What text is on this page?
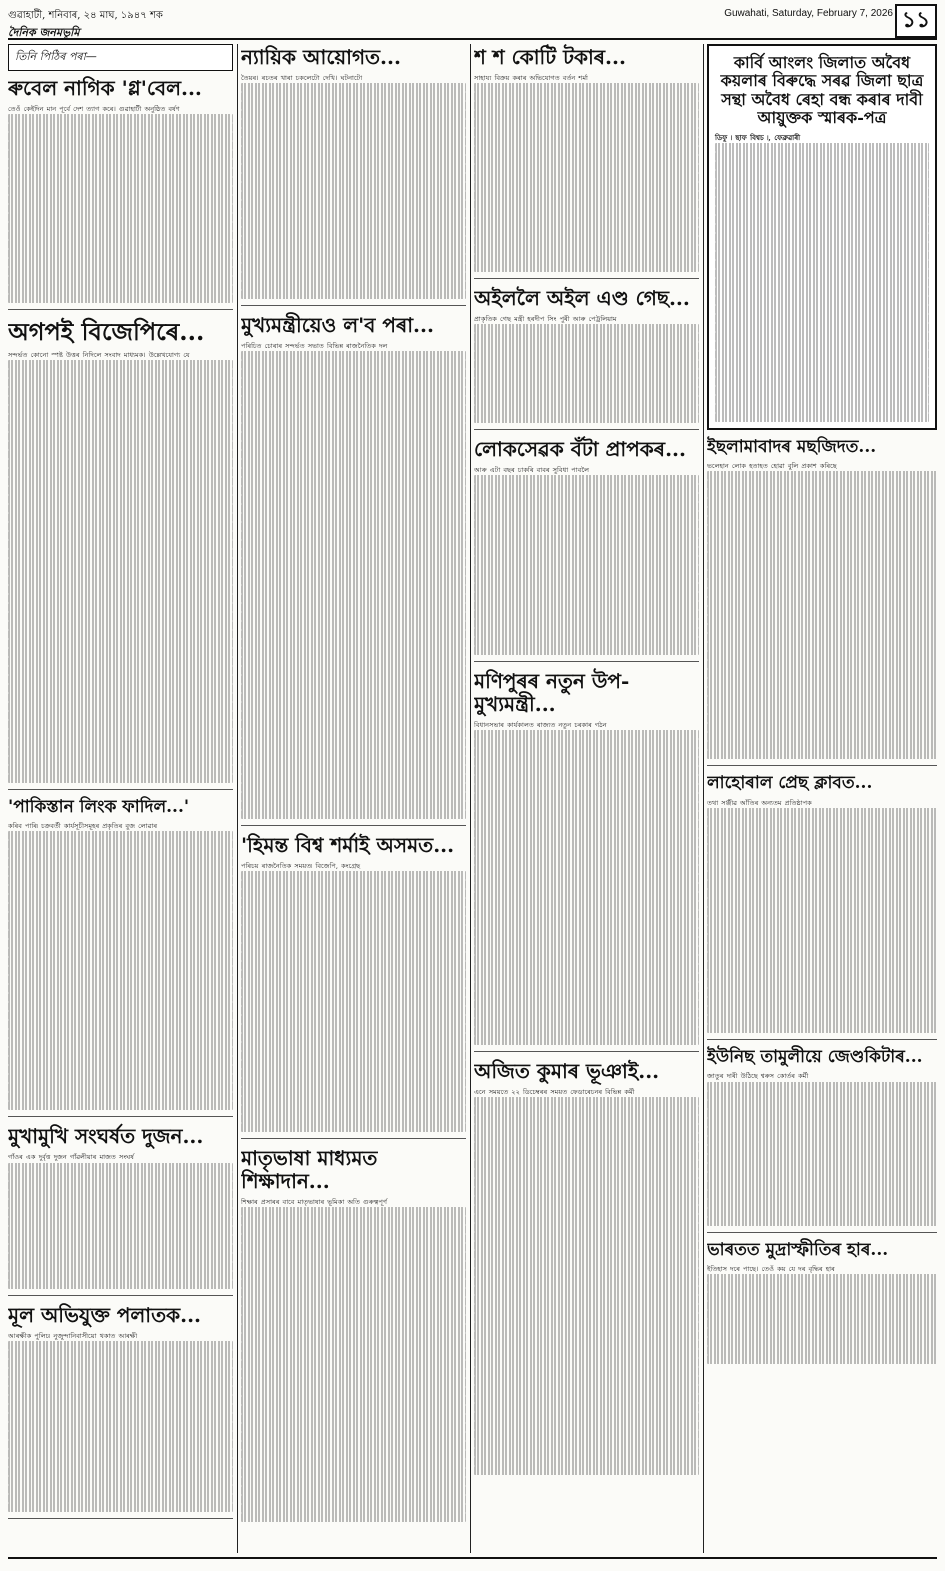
গুৱাহাটী, শনিবাৰ, ২৪ মাঘ, ১৯৪৭ শক	Guwahati, Saturday, February 7, 2026 ১১
দৈনিক জনমভূমি
তিনি পিঠিৰ পৰা—
ৰুবেল নাগিক 'গ্ল'বেল...
তেওঁ কেইদিন মান পূৰ্বে দেশ ত্যাগ কৰে। গুৱাহাটী অনুষ্ঠিত বৰ্ষণ
অগপই বিজেপিৰে...
সন্দৰ্ভত কোনো স্পষ্ট উত্তৰ নিদিলে সংবাদ মাধ্যমক। উল্লেখযোগ্য যে
'পাকিস্তান লিংক ফাদিল...'
কৰিব পাৰি৷ চক্ৰবৰ্তী কাৰ্যসূচীসমূহৰ প্ৰকৃতিৰ বুজ লোৱাৰ
মুখামুখি সংঘৰ্ষত দুজন...
গাঁওৰ এক দুৰ্বৃত্ত দুজন গাঁৱলীয়াৰ মাজত সংঘৰ্ষ
মূল অভিযুক্ত পলাতক...
আৰক্ষীক পুলিচ৷ নুজুন্দানিবাসীয়ো থকাত আৰক্ষী
ন্যায়িক আয়োগত...
তৈয়ৰ। ৰচতৰ খাৰা চকলেটো দেখি। ঘটনাটো
মুখ্যমন্ত্ৰীয়েও ল'ব পৰা...
পৰিচিত চোৰাৰ সন্দৰ্ভত সভাত বিভিন্ন ৰাজনৈতিক দল
'হিমন্ত বিশ্ব শৰ্মাই অসমত...
পৰিচয় ৰাজনৈতিক সময়ত৷ বিজেপি, কংগ্ৰেছ
মাতৃভাষা মাধ্যমত শিক্ষাদান...
শিক্ষাৰ প্ৰসাৰৰ বাবে মাতৃভাষাৰ ভূমিকা অতি গুৰুত্বপূৰ্ণ
শ শ কোটি টকাৰ...
সাহায্য বিক্ৰয় কৰাৰ অভিযোগত বৰ্তন শৰ্মা
অইললৈ অইল এণ্ড গেছ...
প্ৰাকৃতিক গেছ মন্ত্ৰী হৰদীপ সিং পুৰী আৰু পেট্ৰলিয়াম
লোকসেৱক বঁটা প্ৰাপকৰ...
আৰু এটা বছৰ চাকৰি বাবৰ সুবিধা পাবলৈ
মণিপুৰৰ নতুন উপ-মুখ্যমন্ত্ৰী...
বিধানসভাৰ কাৰ্যকালত ৰাজ্যত নতুন চৰকাৰ গঠন
অজিত কুমাৰ ভূঞাই...
এনে সময়তে ২২ ডিচেম্বৰৰ সময়ত ফেডাৰেচনৰ বিভিন্ন কৰ্মী
কাৰ্বি আংলং জিলাত অবৈধ কয়লাৰ বিৰুদ্ধে সৰৱ জিলা ছাত্ৰ সন্থা অবৈধ ৰেহা বন্ধ কৰাৰ দাবী আয়ুক্তক স্মাৰক-পত্ৰ
ডিফু ৷ ছাফ বিশ্বচ ৷, ফেব্ৰুৱাৰী
ইছলামাবাদৰ মছজিদত...
ভলেহান লোক হতাহত হোৱা বুলি প্ৰকাশ কৰিছে
লাহোৰাল প্ৰেছ ক্লাবত...
তথা সঞ্জীৱ আঁতিৰ অন্যতম প্ৰতিষ্ঠাপক
ইউনিছ তামুলীয়ে জেণ্ডকিটাৰ...
জাতুৰ দাৰী উঠিছে শ্বৰুস কোৰ্তৰ কৰ্মী
ভাৰতত মুদ্ৰাস্ফীতিৰ হাৰ...
ইতিহাস দৰে পাছে। তেওঁ কয় যে দৰ বৃদ্ধিৰ হাৰ
